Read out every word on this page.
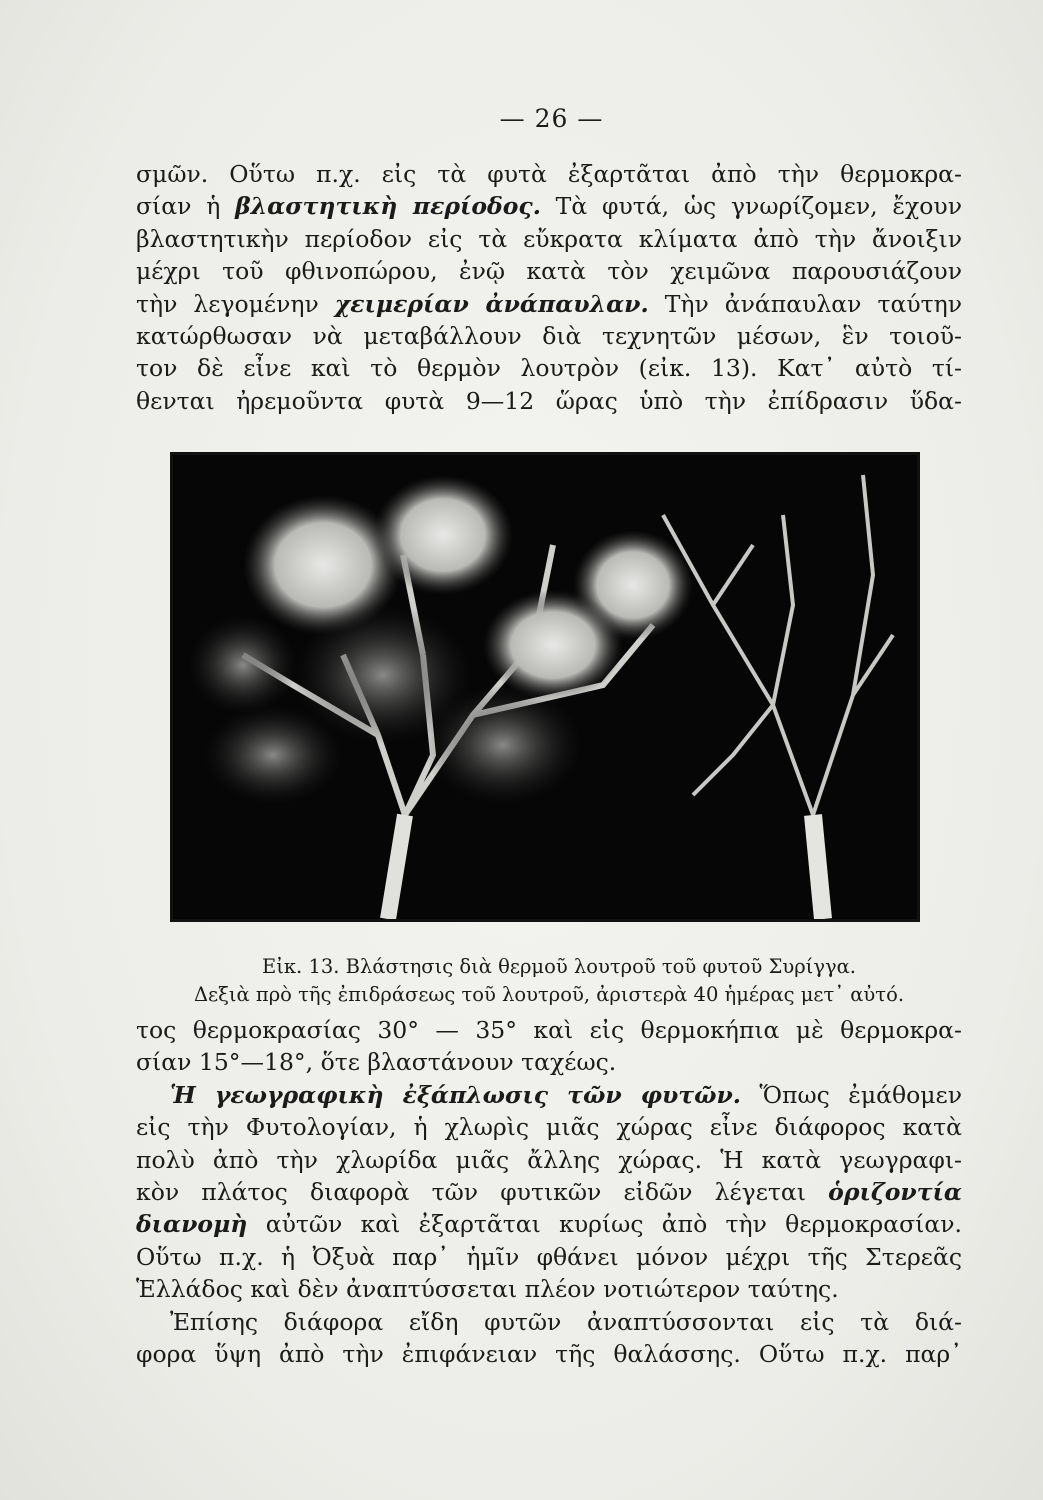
— 26 —
σμῶν. Οὕτω π.χ. εἰς τὰ φυτὰ ἐξαρτᾶται ἀπὸ τὴν θερμοκρα-
σίαν ἡ βλαστητικὴ περίοδος. Τὰ φυτά, ὡς γνωρίζομεν, ἔχουν
βλαστητικὴν περίοδον εἰς τὰ εὔκρατα κλίματα ἀπὸ τὴν ἄνοιξιν
μέχρι τοῦ φθινοπώρου, ἐνῷ κατὰ τὸν χειμῶνα παρουσιάζουν
τὴν λεγομένην χειμερίαν ἀνάπαυλαν. Τὴν ἀνάπαυλαν ταύτην
κατώρθωσαν νὰ μεταβάλλουν διὰ τεχνητῶν μέσων, ἓν τοιοῦ-
τον δὲ εἶνε καὶ τὸ θερμὸν λουτρὸν (εἰκ. 13). Κατ᾽ αὐτὸ τί-
θενται ἠρεμοῦντα φυτὰ 9—12 ὥρας ὑπὸ τὴν ἐπίδρασιν ὕδα-
Εἰκ. 13. Βλάστησις διὰ θερμοῦ λουτροῦ τοῦ φυτοῦ Συρίγγα.
Δεξιὰ πρὸ τῆς ἐπιδράσεως τοῦ λουτροῦ, ἀριστερὰ 40 ἡμέρας μετ᾽ αὐτό.
τος θερμοκρασίας 30° — 35° καὶ εἰς θερμοκήπια μὲ θερμοκρα-
σίαν 15°—18°, ὅτε βλαστάνουν ταχέως.
Ἡ γεωγραφικὴ ἐξάπλωσις τῶν φυτῶν. Ὅπως ἐμάθομεν
εἰς τὴν Φυτολογίαν, ἡ χλωρὶς μιᾶς χώρας εἶνε διάφορος κατὰ
πολὺ ἀπὸ τὴν χλωρίδα μιᾶς ἄλλης χώρας. Ἡ κατὰ γεωγραφι-
κὸν πλάτος διαφορὰ τῶν φυτικῶν εἰδῶν λέγεται ὁριζοντία
διανομὴ αὐτῶν καὶ ἐξαρτᾶται κυρίως ἀπὸ τὴν θερμοκρασίαν.
Οὕτω π.χ. ἡ Ὀξυὰ παρ᾽ ἡμῖν φθάνει μόνον μέχρι τῆς Στερεᾶς
Ἑλλάδος καὶ δὲν ἀναπτύσσεται πλέον νοτιώτερον ταύτης.
Ἐπίσης διάφορα εἴδη φυτῶν ἀναπτύσσονται εἰς τὰ διά-
φορα ὕψη ἀπὸ τὴν ἐπιφάνειαν τῆς θαλάσσης. Οὕτω π.χ. παρ᾽
